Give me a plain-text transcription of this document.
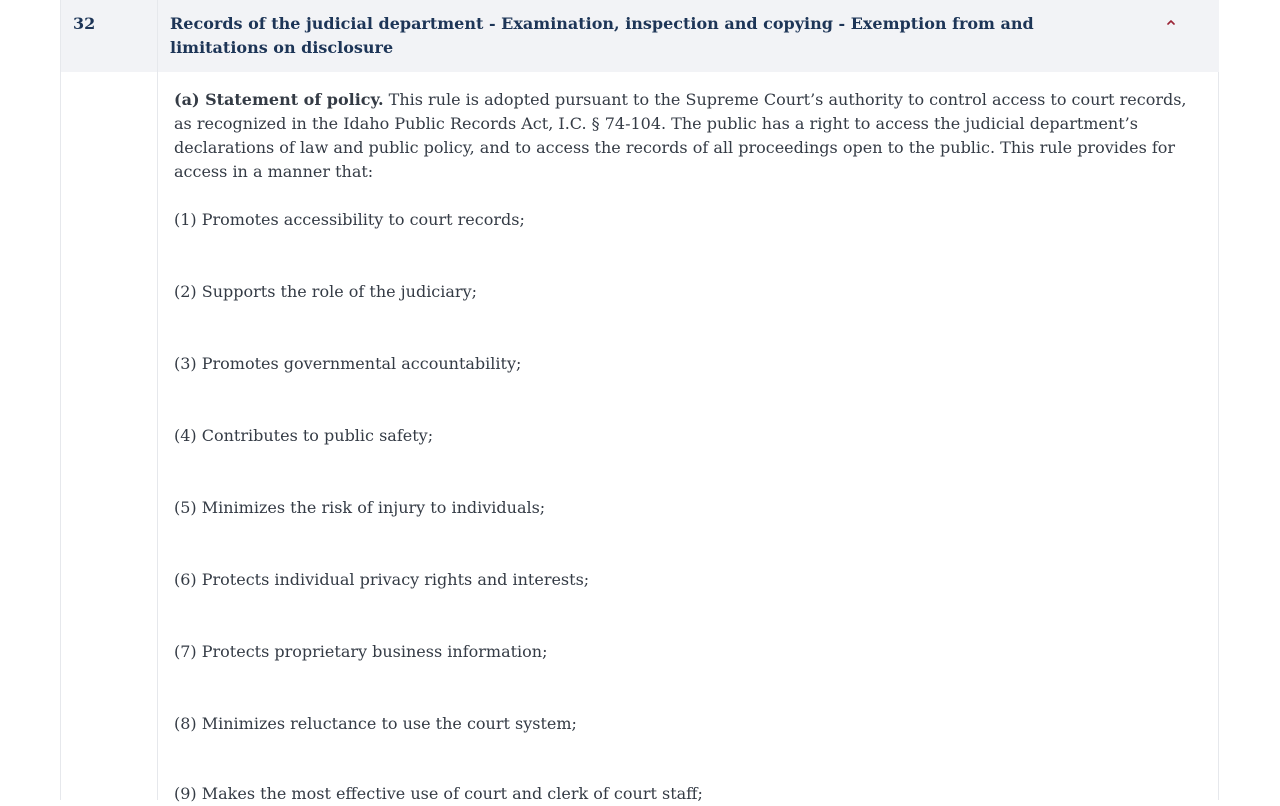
32	Records of the judicial department - Examination, inspection and copying - Exemption from and limitations on disclosure

(a) Statement of policy. This rule is adopted pursuant to the Supreme Court’s authority to control access to court records, as recognized in the Idaho Public Records Act, I.C. § 74-104. The public has a right to access the judicial department’s declarations of law and public policy, and to access the records of all proceedings open to the public. This rule provides for access in a manner that:

(1) Promotes accessibility to court records;

(2) Supports the role of the judiciary;

(3) Promotes governmental accountability;

(4) Contributes to public safety;

(5) Minimizes the risk of injury to individuals;

(6) Protects individual privacy rights and interests;

(7) Protects proprietary business information;

(8) Minimizes reluctance to use the court system;

(9) Makes the most effective use of court and clerk of court staff;
